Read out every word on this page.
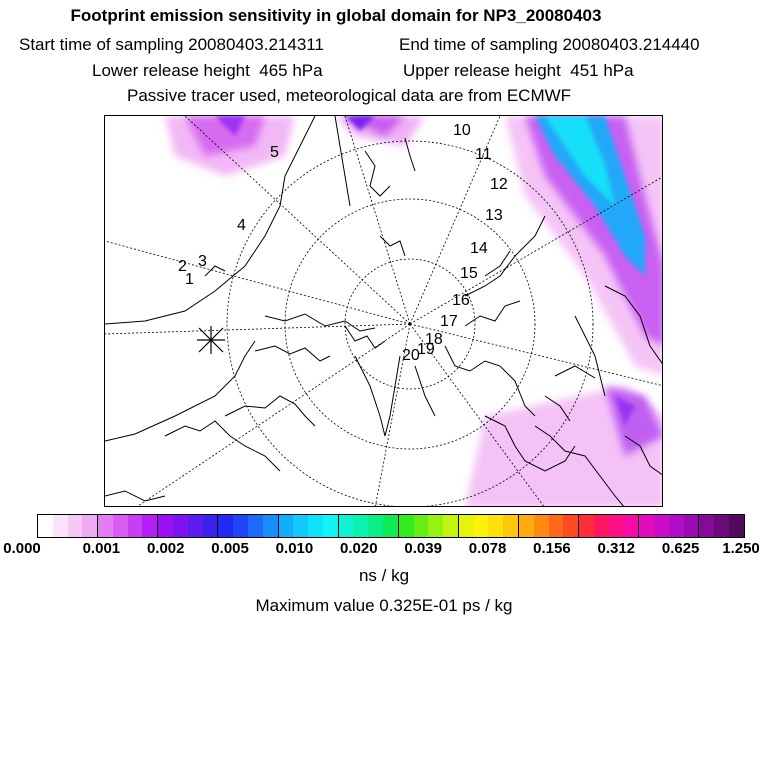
Footprint emission sensitivity in global domain for NP3_20080403
Start time of sampling 20080403.214311	End time of sampling 20080403.214440
Lower release height  465 hPa	Upper release height  451 hPa
Passive tracer used, meteorological data are from ECMWF
1
2 3
4
5
10
11
12
13
14
15
16
17
18
19
20
0.000	0.001 0.002 0.005 0.010 0.020 0.039 0.078 0.156 0.312 0.625 1.250
ns / kg
Maximum value 0.325E-01 ps / kg
